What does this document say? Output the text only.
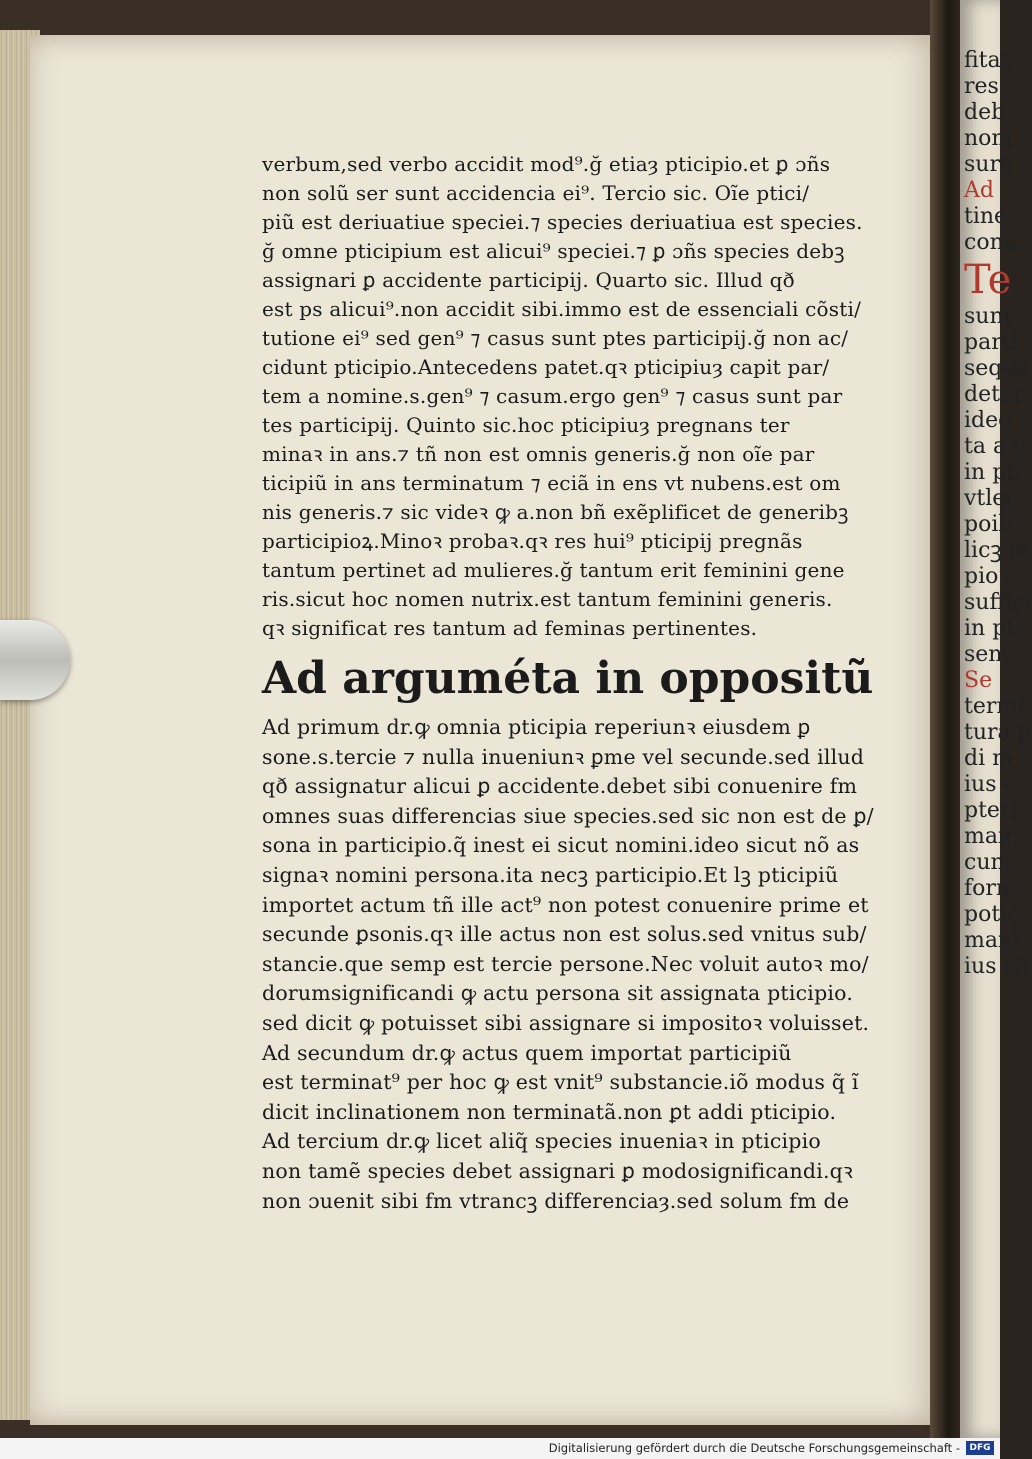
fitas
res
deb
nom
surg
Ad
tine
conu
Te
sunt
parti
seque
deter
ideo
ta a v
in pti
vtlec
poib
licꝫ in
pioꝛ
suffici
in pti
sent
Se
termi
tura ꝑ
di m
ius c
pteri
maic
cum
form
potie
mant
ius rõ
verbum,sed verbo accidit mod⁹.ğ etiaȝ pticipio.et ꝑ ɔñs
non solũ ser sunt accidencia ei⁹. Tercio sic. Oĩe ptici/
piũ est deriuatiue speciei.⁊ species deriuatiua est species.
ğ omne pticipium est alicui⁹ speciei.⁊ ꝑ ɔñs species debꝫ
assignari ꝑ accidente participij. Quarto sic. Illud qð
est ps alicui⁹.non accidit sibi.immo est de essenciali cõsti/
tutione ei⁹ sed gen⁹ ⁊ casus sunt ptes participij.ğ non ac/
cidunt pticipio.Antecedens patet.qꝛ pticipiuȝ capit par/
tem a nomine.s.gen⁹ ⁊ casum.ergo gen⁹ ⁊ casus sunt par
tes participij. Quinto sic.hoc pticipiuȝ pregnans ter
minaꝛ in ans.⁊ tñ non est omnis generis.ğ non oĩe par
ticipiũ in ans terminatum ⁊ eciã in ens vt nubens.est om
nis generis.⁊ sic videꝛ ꝙ a.non bñ exẽplificet de generibꝫ
participioꝝ.Minoꝛ probaꝛ.qꝛ res hui⁹ pticipij pregnãs
tantum pertinet ad mulieres.ğ tantum erit feminini gene
ris.sicut hoc nomen nutrix.est tantum feminini generis.
qꝛ significat res tantum ad feminas pertinentes.
Ad arguméta in oppositũ
Ad primum dr.ꝙ omnia pticipia reperiunꝛ eiusdem ꝑ
sone.s.tercie ⁊ nulla inueniunꝛ ꝑme vel secunde.sed illud
qð assignatur alicui ꝑ accidente.debet sibi conuenire fm
omnes suas differencias siue species.sed sic non est de ꝑ/
sona in participio.q̃ inest ei sicut nomini.ideo sicut nõ as
signaꝛ nomini persona.ita necꝫ participio.Et lꝫ pticipiũ
importet actum tñ ille act⁹ non potest conuenire prime et
secunde ꝑsonis.qꝛ ille actus non est solus.sed vnitus sub/
stancie.que semp est tercie persone.Nec voluit autoꝛ mo/
dorumsignificandi ꝙ actu persona sit assignata pticipio.
sed dicit ꝙ potuisset sibi assignare si impositoꝛ voluisset.
Ad secundum dr.ꝙ actus quem importat participiũ
est terminat⁹ per hoc ꝙ est vnit⁹ substancie.iõ modus q̃ ĩ
dicit inclinationem non terminatã.non ꝑt addi pticipio.
Ad tercium dr.ꝙ licet aliq̃ species inueniaꝛ in pticipio
non tamẽ species debet assignari ꝑ modosignificandi.qꝛ
non ɔuenit sibi fm vtrancꝫ differenciaȝ.sed solum fm de
Digitalisierung gefördert durch die Deutsche Forschungsgemeinschaft -	DFG
